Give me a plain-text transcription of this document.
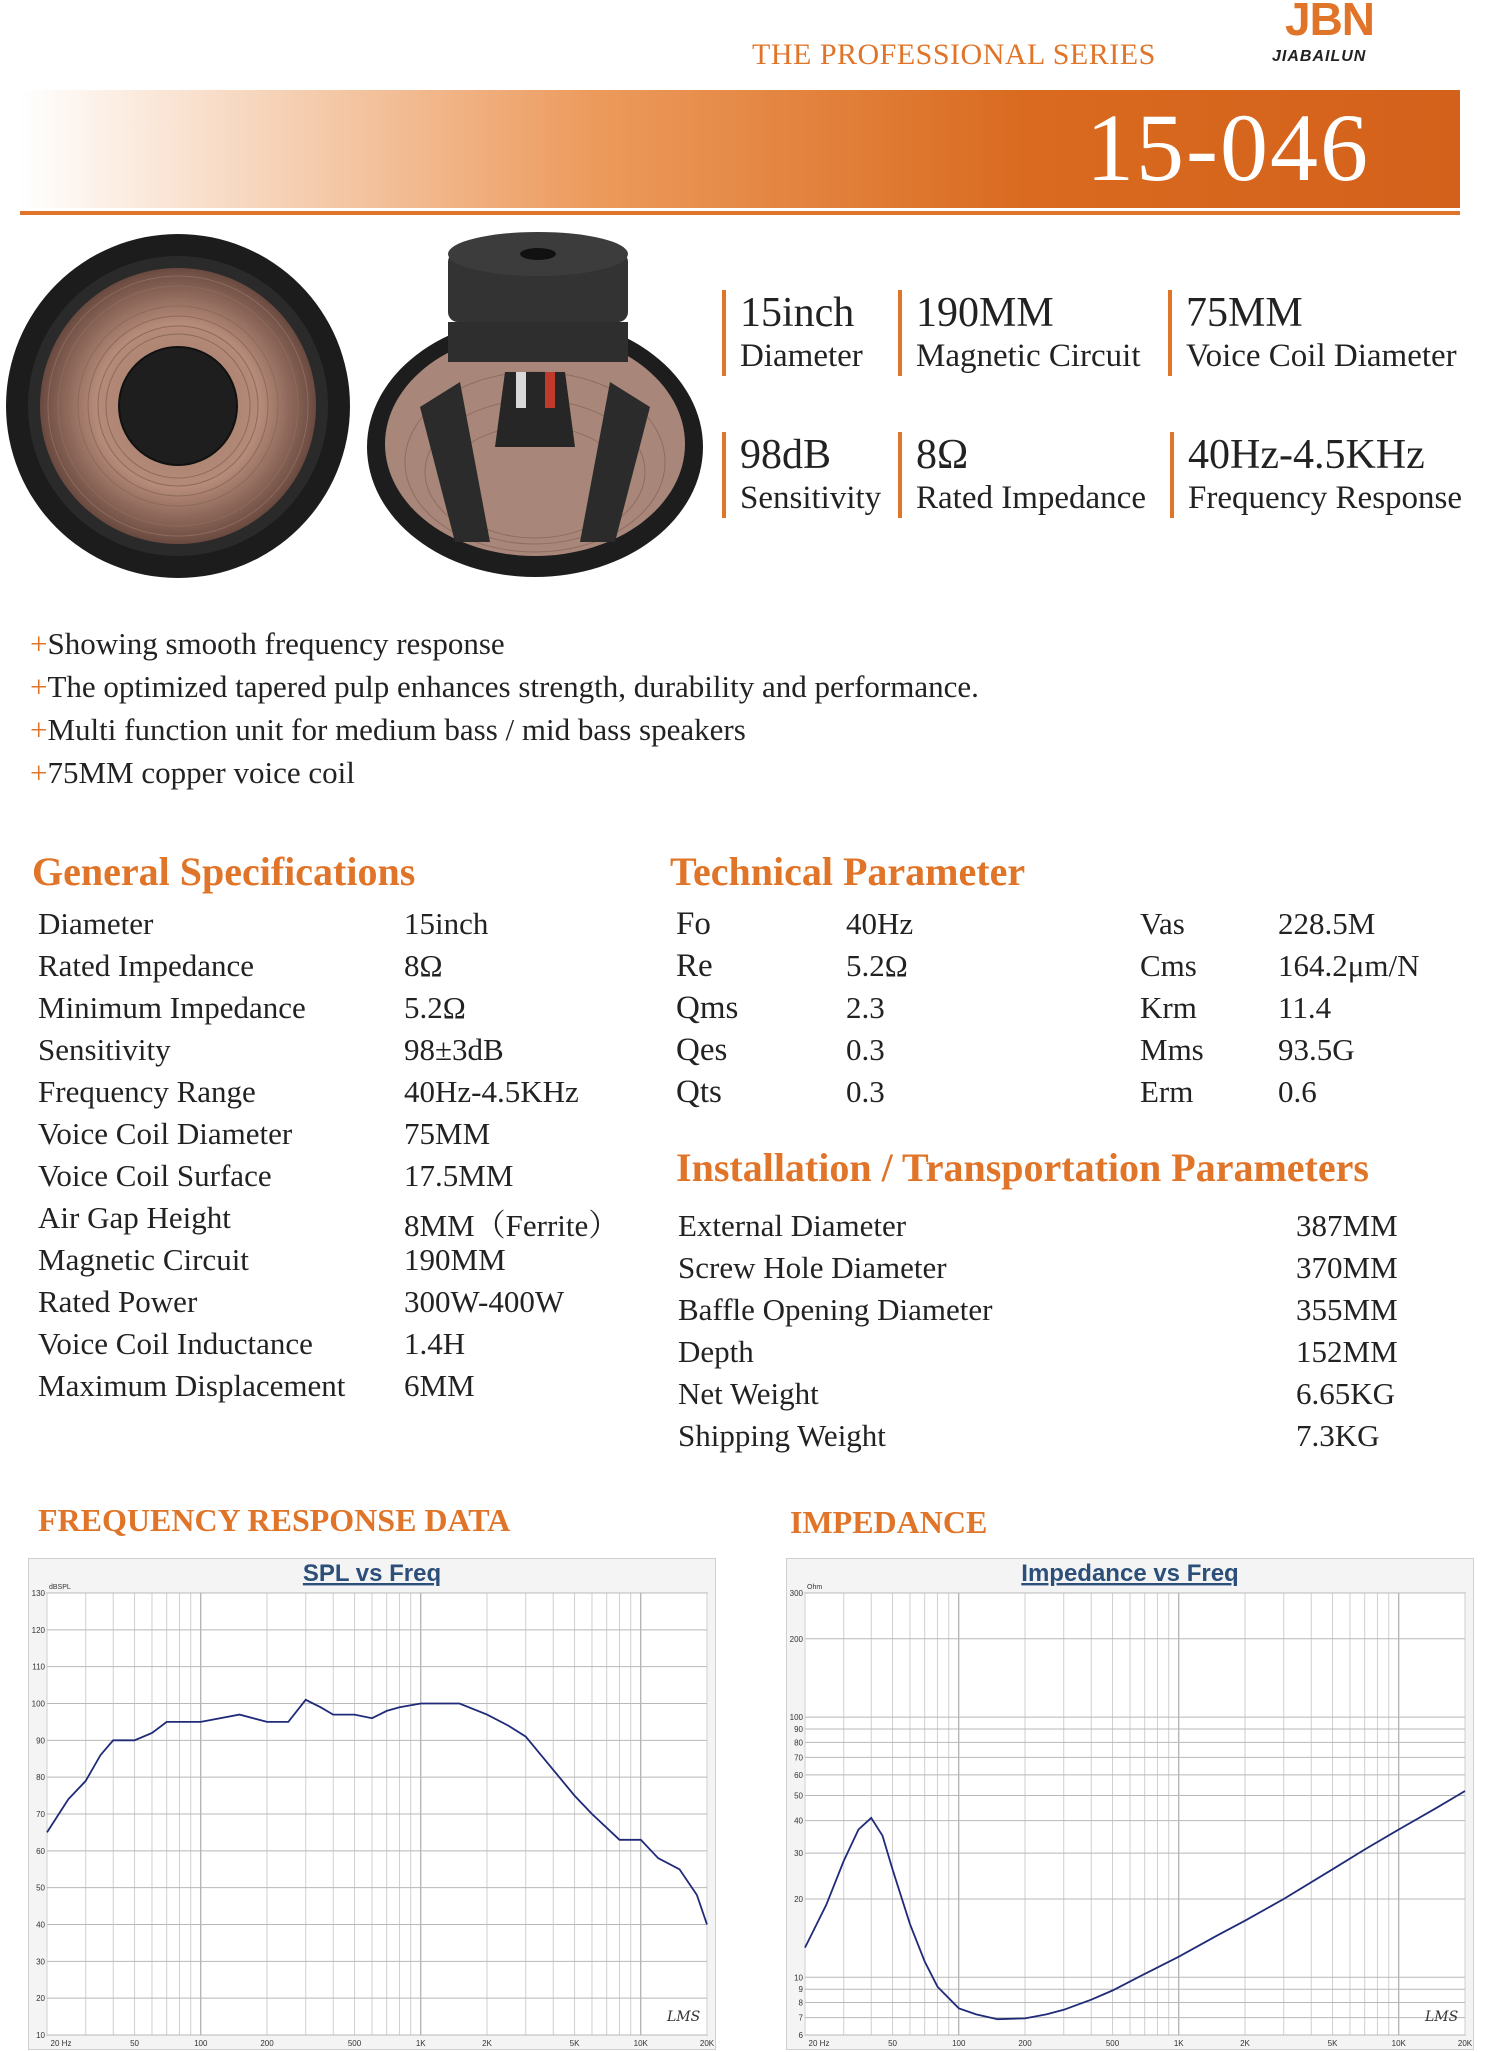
THE PROFESSIONAL SERIES
JBN
JIABAILUN
15-046
15inch
Diameter
190MM
Magnetic Circuit
75MM
Voice Coil Diameter
98dB
Sensitivity
8Ω
Rated Impedance
40Hz-4.5KHz
Frequency Response
+Showing smooth frequency response
+The optimized tapered pulp enhances strength, durability and performance.
+Multi function unit for medium bass / mid bass speakers
+75MM copper voice coil
General Specifications
Diameter	15inch
Rated Impedance	8Ω
Minimum Impedance	5.2Ω
Sensitivity	98±3dB
Frequency Range	40Hz-4.5KHz
Voice Coil Diameter	75MM
Voice Coil Surface	17.5MM
Air Gap Height	8MM（Ferrite）
Magnetic Circuit	190MM
Rated Power	300W-400W
Voice Coil Inductance	1.4H
Maximum Displacement 6MM
Technical Parameter
Fo	40Hz	Vas	228.5M
Re	5.2Ω	Cms	164.2μm/N
Qms	2.3	Krm	11.4
Qes	0.3	Mms 93.5G
Qts	0.3	Erm	0.6
Installation / Transportation Parameters
External Diameter	387MM
Screw Hole Diameter	370MM
Baffle Opening Diameter	355MM
Depth	152MM
Net Weight	6.65KG
Shipping Weight	7.3KG
FREQUENCY RESPONSE DATA	IMPEDANCE
10
20
30
40
50
60
70
80
90
100
110
120
130
20 Hz	50	100	200	500	1K	2K	5K	10K	20K
SPL vs Freq
dBSPL
LMS
6
7
8
9
10
20
30
40
50
60
70
80
90
100
200
300
20 Hz	50	100	200	500	1K	2K	5K	10K	20K
Impedance vs Freq
Ohm
LMS
